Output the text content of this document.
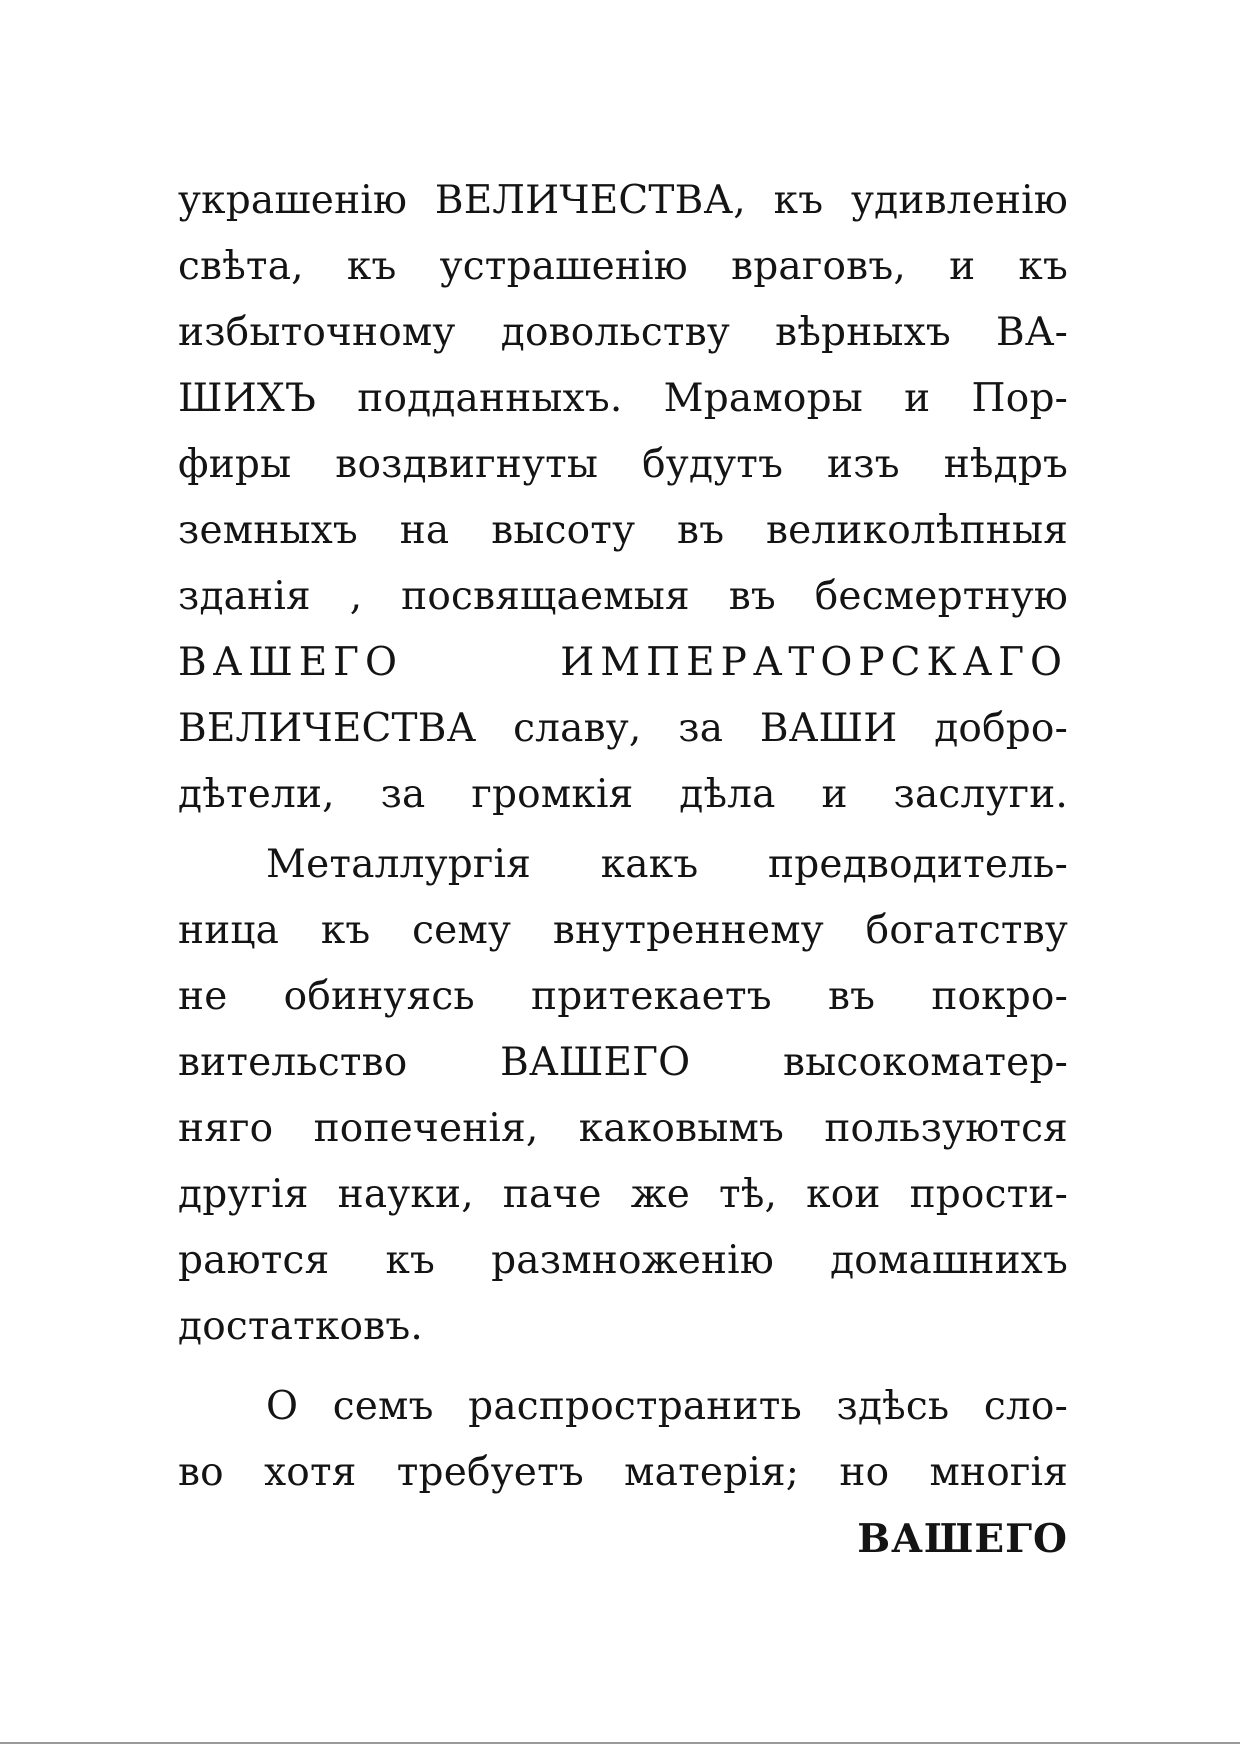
украшенію ВЕЛИЧЕСТВА, къ удивленію
свѣта, къ устрашенію враговъ, и къ
избыточному довольству вѣрныхъ ВА-
ШИХЪ подданныхъ. Мраморы и Пор-
фиры воздвигнуты будутъ изъ нѣдръ
земныхъ на высоту въ великолѣпныя
зданія , посвящаемыя въ бесмертную
ВАШЕГО ИМПЕРАТОРСКАГО
ВЕЛИЧЕСТВА славу, за ВАШИ добро-
дѣтели, за громкія дѣла и заслуги.
Металлургія какъ предводитель-
ница къ сему внутреннему богатству
не обинуясь притекаетъ въ покро-
вительство ВАШЕГО высокоматер-
няго попеченія, каковымъ пользуются
другія науки, паче же тѣ, кои прости-
раются къ размноженію домашнихъ
достатковъ.
О семъ распространить здѣсь сло-
во хотя требуетъ матерія; но многія
ВАШЕГО
